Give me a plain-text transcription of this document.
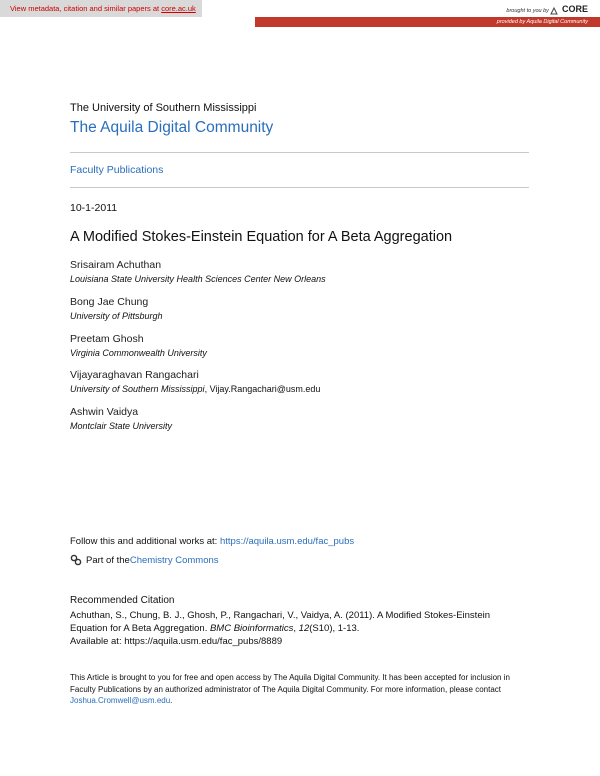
View metadata, citation and similar papers at core.ac.uk	brought to you by CORE
provided by Aquila Digital Community
The University of Southern Mississippi
The Aquila Digital Community
Faculty Publications
10-1-2011
A Modified Stokes-Einstein Equation for A Beta Aggregation
Srisairam Achuthan
Louisiana State University Health Sciences Center New Orleans
Bong Jae Chung
University of Pittsburgh
Preetam Ghosh
Virginia Commonwealth University
Vijayaraghavan Rangachari
University of Southern Mississippi, Vijay.Rangachari@usm.edu
Ashwin Vaidya
Montclair State University
Follow this and additional works at: https://aquila.usm.edu/fac_pubs
Part of the Chemistry Commons
Recommended Citation
Achuthan, S., Chung, B. J., Ghosh, P., Rangachari, V., Vaidya, A. (2011). A Modified Stokes-Einstein
Equation for A Beta Aggregation. BMC Bioinformatics, 12(S10), 1-13.
Available at: https://aquila.usm.edu/fac_pubs/8889
This Article is brought to you for free and open access by The Aquila Digital Community. It has been accepted for inclusion in Faculty Publications by an authorized administrator of The Aquila Digital Community. For more information, please contact Joshua.Cromwell@usm.edu.
